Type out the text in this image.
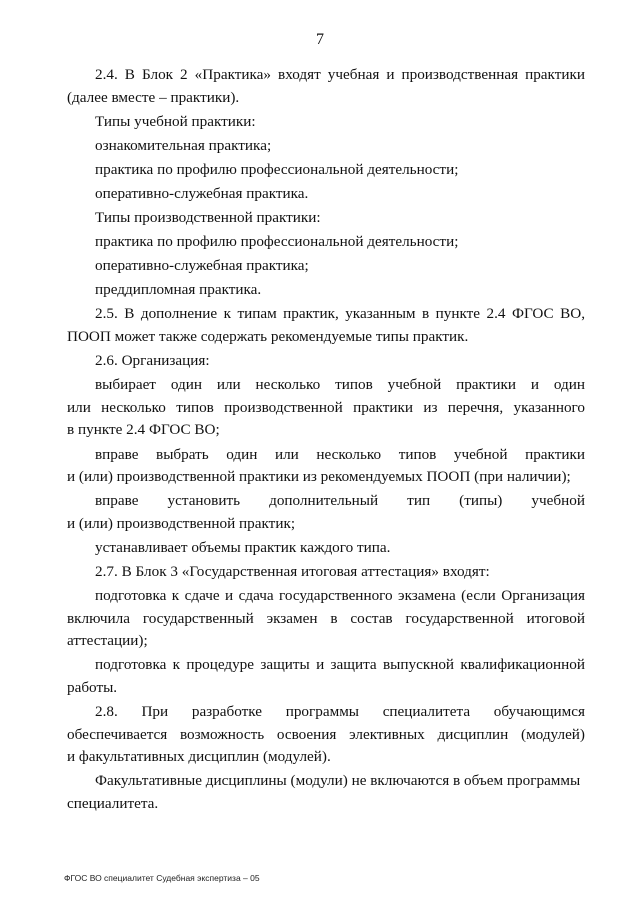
7
2.4. В Блок 2 «Практика» входят учебная и производственная практики
(далее вместе – практики).
Типы учебной практики:
ознакомительная практика;
практика по профилю профессиональной деятельности;
оперативно-служебная практика.
Типы производственной практики:
практика по профилю профессиональной деятельности;
оперативно-служебная практика;
преддипломная практика.
2.5. В дополнение к типам практик, указанным в пункте 2.4 ФГОС ВО,
ПООП может также содержать рекомендуемые типы практик.
2.6. Организация:
выбирает один или несколько типов учебной практики и один
или несколько типов производственной практики из перечня, указанного
в пункте 2.4 ФГОС ВО;
вправе выбрать один или несколько типов учебной практики
и (или) производственной практики из рекомендуемых ПООП (при наличии);
вправе установить дополнительный тип (типы) учебной
и (или) производственной практик;
устанавливает объемы практик каждого типа.
2.7. В Блок 3 «Государственная итоговая аттестация» входят:
подготовка к сдаче и сдача государственного экзамена (если Организация
включила государственный экзамен в состав государственной итоговой
аттестации);
подготовка к процедуре защиты и защита выпускной квалификационной
работы.
2.8. При разработке программы специалитета обучающимся
обеспечивается возможность освоения элективных дисциплин (модулей)
и факультативных дисциплин (модулей).
Факультативные дисциплины (модули) не включаются в объем программы
специалитета.
ФГОС ВО специалитет Судебная экспертиза – 05
